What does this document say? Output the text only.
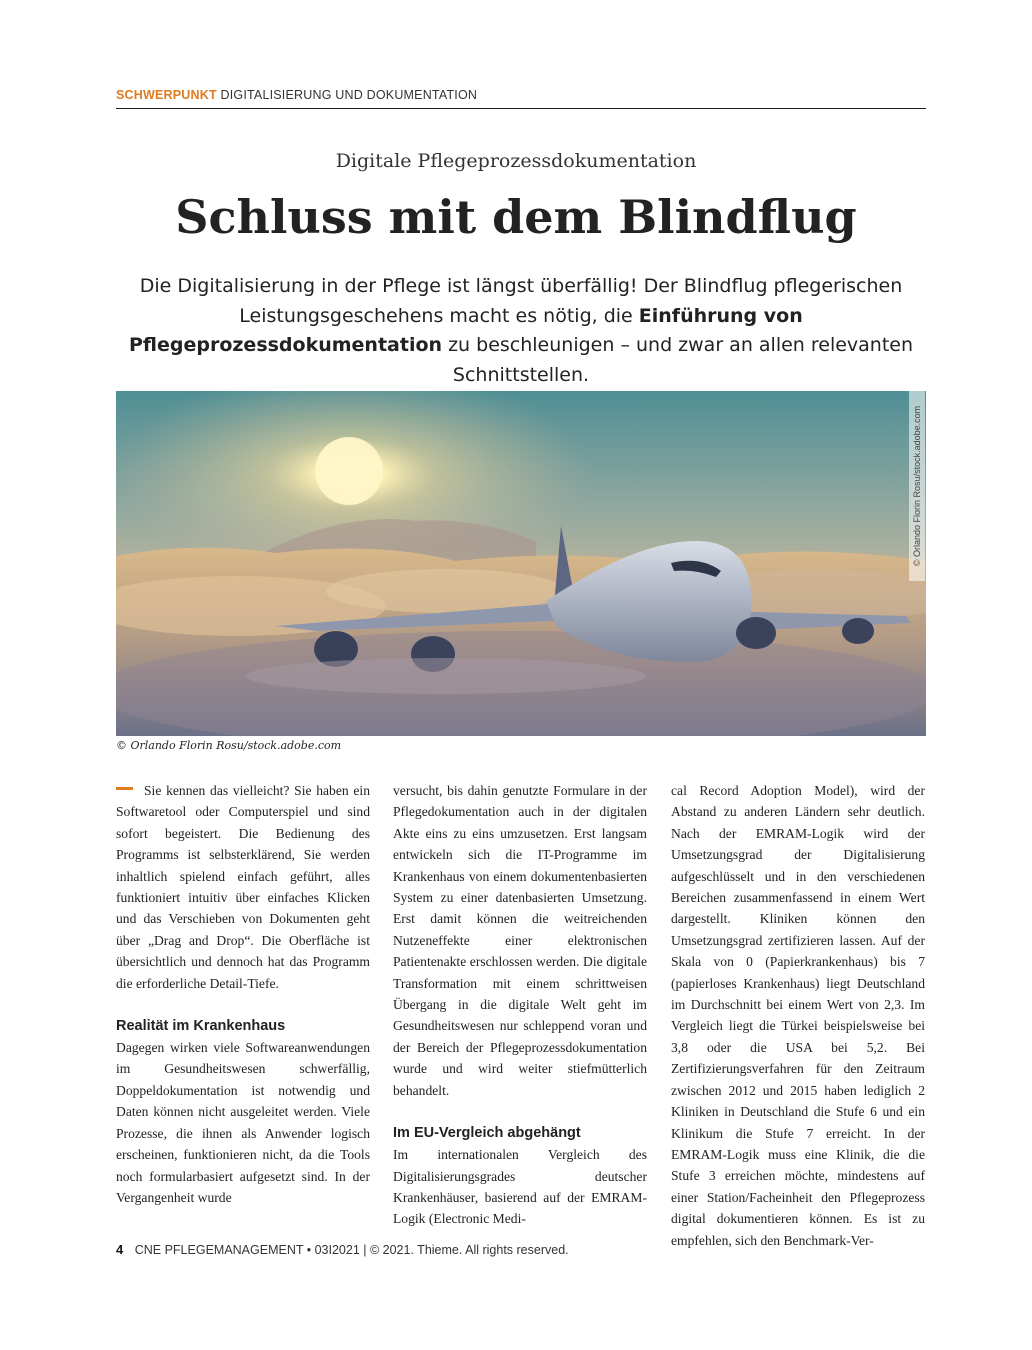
SCHWERPUNKT DIGITALISIERUNG UND DOKUMENTATION
Digitale Pflegeprozessdokumentation
Schluss mit dem Blindflug

Die Digitalisierung in der Pflege ist längst überfällig! Der Blindflug pflegerischen Leistungsgeschehens macht es nötig, die Einführung von Pflegeprozessdokumentation zu beschleunigen – und zwar an allen relevanten Schnittstellen.

© Orlando Florin Rosu/stock.adobe.com
© Orlando Florin Rosu/stock.adobe.com

Sie kennen das vielleicht? Sie haben ein Softwaretool oder Computerspiel und sind sofort begeistert. Die Bedienung des Programms ist selbsterklärend, Sie werden inhaltlich spielend einfach geführt, alles funktioniert intuitiv über einfaches Klicken und das Verschieben von Dokumenten geht über „Drag and Drop“. Die Oberfläche ist übersichtlich und dennoch hat das Programm die erforderliche Detail-Tiefe.

Realität im Krankenhaus

Dagegen wirken viele Softwareanwendungen im Gesundheitswesen schwerfällig, Doppeldokumentation ist notwendig und Daten können nicht ausgeleitet werden. Viele Prozesse, die ihnen als Anwender logisch erscheinen, funktionieren nicht, da die Tools noch formularbasiert aufgesetzt sind. In der Vergangenheit wurde

versucht, bis dahin genutzte Formulare in der Pflegedokumentation auch in der digitalen Akte eins zu eins umzusetzen. Erst langsam entwickeln sich die IT-Programme im Krankenhaus von einem dokumentenbasierten System zu einer datenbasierten Umsetzung. Erst damit können die weitreichenden Nutzeneffekte einer elektronischen Patientenakte erschlossen werden. Die digitale Transformation mit einem schrittweisen Übergang in die digitale Welt geht im Gesundheitswesen nur schleppend voran und der Bereich der Pflegeprozessdokumentation wurde und wird weiter stiefmütterlich behandelt.

Im EU-Vergleich abgehängt

Im internationalen Vergleich des Digitalisierungsgrades deutscher Krankenhäuser, basierend auf der EMRAM-Logik (Electronic Medi-

cal Record Adoption Model), wird der Abstand zu anderen Ländern sehr deutlich. Nach der EMRAM-Logik wird der Umsetzungsgrad der Digitalisierung aufgeschlüsselt und in den verschiedenen Bereichen zusammenfassend in einem Wert dargestellt. Kliniken können den Umsetzungsgrad zertifizieren lassen. Auf der Skala von 0 (Papierkrankenhaus) bis 7 (papierloses Krankenhaus) liegt Deutschland im Durchschnitt bei einem Wert von 2,3. Im Vergleich liegt die Türkei beispielsweise bei 3,8 oder die USA bei 5,2. Bei Zertifizierungsverfahren für den Zeitraum zwischen 2012 und 2015 haben lediglich 2 Kliniken in Deutschland die Stufe 6 und ein Klinikum die Stufe 7 erreicht. In der EMRAM-Logik muss eine Klinik, die die Stufe 3 erreichen möchte, mindestens auf einer Station/Facheinheit den Pflegeprozess digital dokumentieren können. Es ist zu empfehlen, sich den Benchmark-Ver-

4 CNE PFLEGEMANAGEMENT • 03I2021 | © 2021. Thieme. All rights reserved.
